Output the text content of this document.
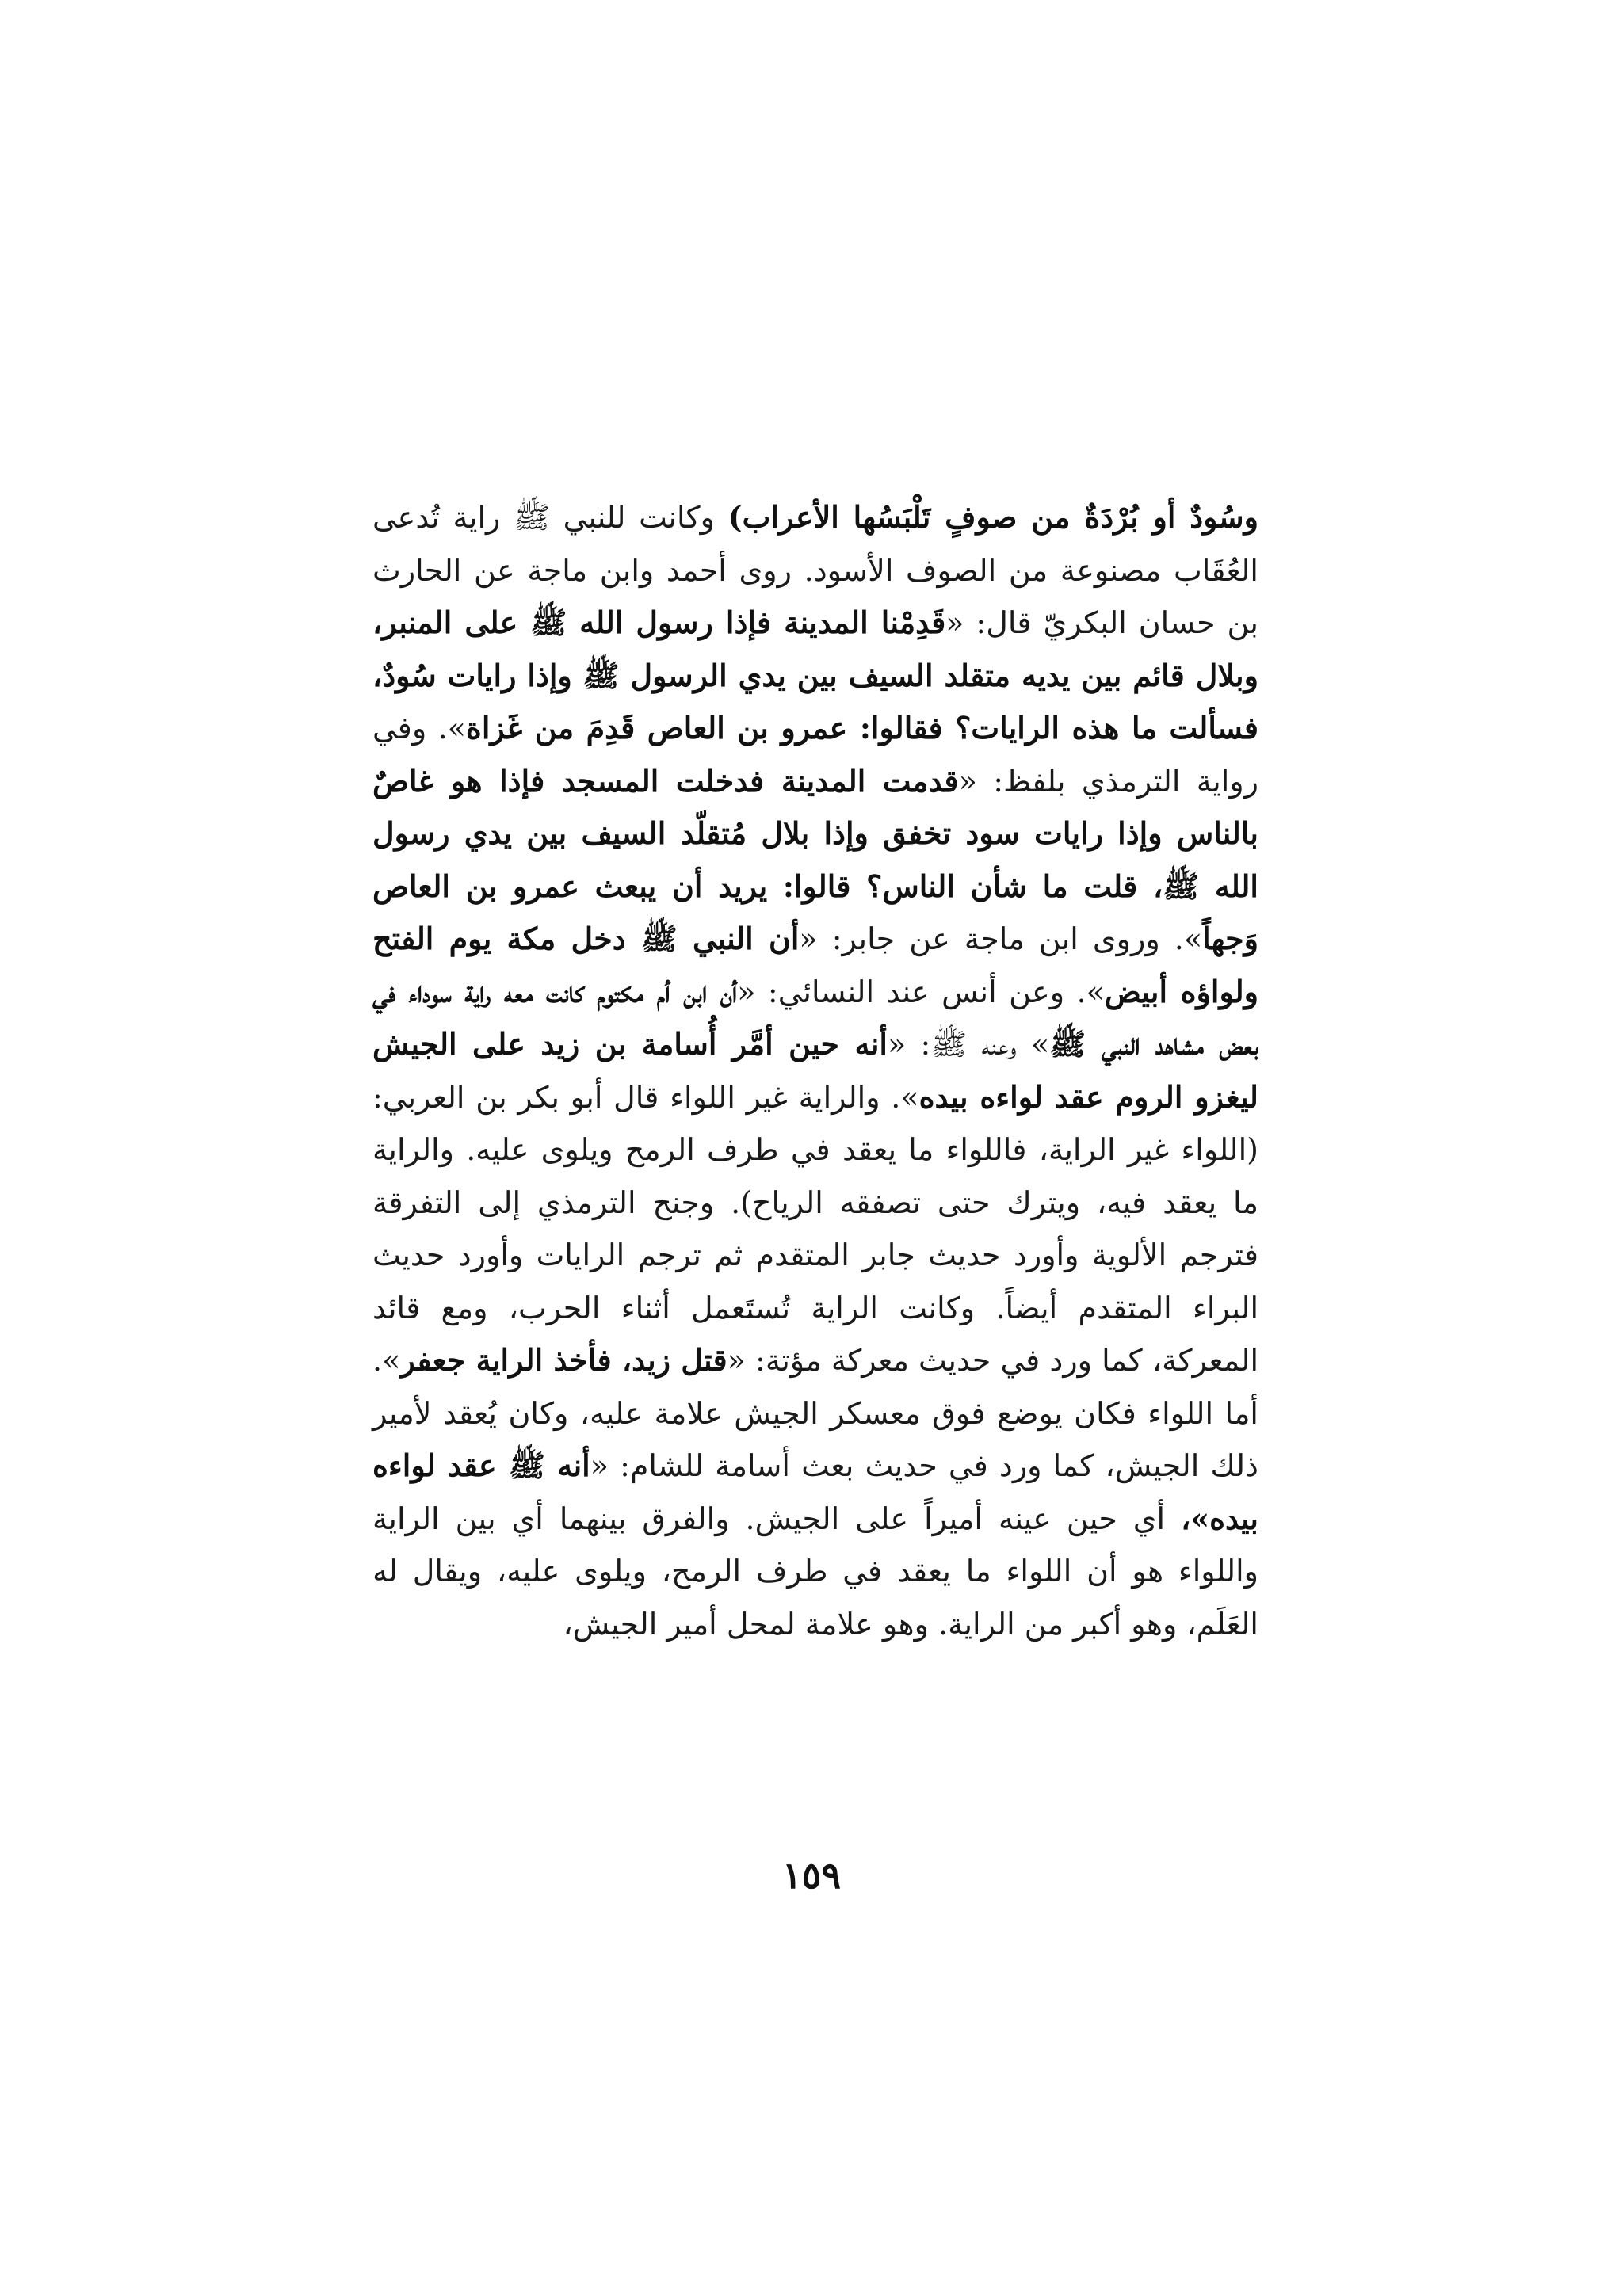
وسُودٌ أو بُرْدَةٌ من صوفٍ تَلْبَسُها الأعراب) وكانت للنبي ﷺ راية تُدعى العُقَاب مصنوعة من الصوف الأسود. روى أحمد وابن ماجة عن الحارث بن حسان البكريّ قال: «قَدِمْنا المدينة فإذا رسول الله ﷺ على المنبر، وبلال قائم بين يديه متقلد السيف بين يدي الرسول ﷺ وإذا رايات سُودٌ، فسألت ما هذه الرايات؟ فقالوا: عمرو بن العاص قَدِمَ من غَزاة». وفي رواية الترمذي بلفظ: «قدمت المدينة فدخلت المسجد فإذا هو غاصٌ بالناس وإذا رايات سود تخفق وإذا بلال مُتقلّد السيف بين يدي رسول الله ﷺ، قلت ما شأن الناس؟ قالوا: يريد أن يبعث عمرو بن العاص وَجهاً». وروى ابن ماجة عن جابر: «أن النبي ﷺ دخل مكة يوم الفتح ولواؤه أبيض». وعن أنس عند النسائي: «أن ابن أم مكتوم كانت معه راية سوداء في بعض مشاهد النبي ﷺ» وعنه ﷺ: «أنه حين أمَّر أُسامة بن زيد على الجيش ليغزو الروم عقد لواءه بيده». والراية غير اللواء قال أبو بكر بن العربي: (اللواء غير الراية، فاللواء ما يعقد في طرف الرمح ويلوى عليه. والراية ما يعقد فيه، ويترك حتى تصفقه الرياح). وجنح الترمذي إلى التفرقة فترجم الألوية وأورد حديث جابر المتقدم ثم ترجم الرايات وأورد حديث البراء المتقدم أيضاً. وكانت الراية تُستَعمل أثناء الحرب، ومع قائد المعركة، كما ورد في حديث معركة مؤتة: «قتل زيد، فأخذ الراية جعفر». أما اللواء فكان يوضع فوق معسكر الجيش علامة عليه، وكان يُعقد لأمير ذلك الجيش، كما ورد في حديث بعث أسامة للشام: «أنه ﷺ عقد لواءه بيده»، أي حين عينه أميراً على الجيش. والفرق بينهما أي بين الراية واللواء هو أن اللواء ما يعقد في طرف الرمح، ويلوى عليه، ويقال له العَلَم، وهو أكبر من الراية. وهو علامة لمحل أمير الجيش،

١٥٩
